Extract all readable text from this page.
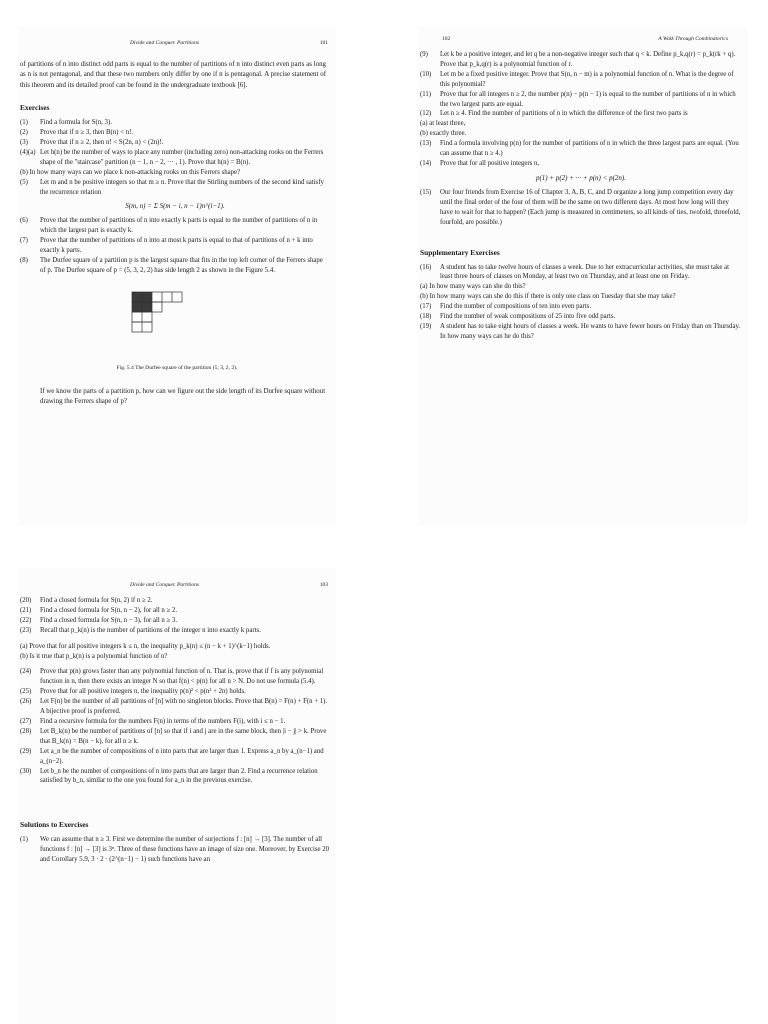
Divide and Conquer. Partitions	101
of partitions of n into distinct odd parts is equal to the number of partitions of n into distinct even parts as long as n is not pentagonal, and that these two numbers only differ by one if n is pentagonal. A precise statement of this theorem and its detailed proof can be found in the undergraduate textbook [6].
Exercises
(1) Find a formula for S(n, 3).
(2) Prove that if n ≥ 3, then B(n) < n!.
(3) Prove that if n ≥ 2, then n! < S(2n, n) < (2n)!.
(4)(a) Let h(n) be the number of ways to place any number (including zero) non-attacking rooks on the Ferrers shape of the "staircase" partition (n − 1, n − 2, ··· , 1). Prove that h(n) = B(n).
(b) In how many ways can we place k non-attacking rooks on this Ferrers shape?
(5) Let m and n be positive integers so that m ≥ n. Prove that the Stirling numbers of the second kind satisfy the recurrence relation
S(m, n) = Σ S(m − i, n − 1)n^(i−1).
(6) Prove that the number of partitions of n into exactly k parts is equal to the number of partitions of n in which the largest part is exactly k.
(7) Prove that the number of partitions of n into at most k parts is equal to that of partitions of n + k into exactly k parts.
(8) The Durfee square of a partition p is the largest square that fits in the top left corner of the Ferrers shape of p. The Durfee square of p = (5, 3, 2, 2) has side length 2 as shown in the Figure 5.4.
Fig. 5.4 The Durfee square of the partition (5, 3, 2, 2).
If we know the parts of a partition p, how can we figure out the side length of its Durfee square without drawing the Ferrers shape of p?
102	A Walk Through Combinatorics
(9) Let k be a positive integer, and let q be a non-negative integer such that q < k. Define p_k,q(r) = p_k(rk + q). Prove that p_k,q(r) is a polynomial function of r.
(10) Let m be a fixed positive integer. Prove that S(n, n − m) is a polynomial function of n. What is the degree of this polynomial?
(11) Prove that for all integers n ≥ 2, the number p(n) − p(n − 1) is equal to the number of partitions of n in which the two largest parts are equal.
(12) Let n ≥ 4. Find the number of partitions of n in which the difference of the first two parts is
(a) at least three,
(b) exactly three.
(13) Find a formula involving p(n) for the number of partitions of n in which the three largest parts are equal. (You can assume that n ≥ 4.)
(14) Prove that for all positive integers n,
p(1) + p(2) + ··· + p(n) < p(2n).
(15) Our four friends from Exercise 16 of Chapter 3, A, B, C, and D organize a long jump competition every day until the final order of the four of them will be the same on two different days. At most how long will they have to wait for that to happen? (Each jump is measured in centimeters, so all kinds of ties, twofold, threefold, fourfold, are possible.)
Supplementary Exercises
(16) A student has to take twelve hours of classes a week. Due to her extracurricular activities, she must take at least three hours of classes on Monday, at least two on Thursday, and at least one on Friday.
(a) In how many ways can she do this?
(b) In how many ways can she do this if there is only one class on Tuesday that she may take?
(17) Find the number of compositions of ten into even parts.
(18) Find the number of weak compositions of 25 into five odd parts.
(19) A student has to take eight hours of classes a week. He wants to have fewer hours on Friday than on Thursday. In how many ways can he do this?
Divide and Conquer. Partitions	103
(20) Find a closed formula for S(n, 2) if n ≥ 2.
(21) Find a closed formula for S(n, n − 2), for all n ≥ 2.
(22) Find a closed formula for S(n, n − 3), for all n ≥ 3.
(23) Recall that p_k(n) is the number of partitions of the integer n into exactly k parts.
(a) Prove that for all positive integers k ≤ n, the inequality p_k(n) ≤ (n − k + 1)^(k−1) holds.
(b) Is it true that p_k(n) is a polynomial function of n?
(24) Prove that p(n) grows faster than any polynomial function of n. That is, prove that if f is any polynomial function in n, then there exists an integer N so that f(n) < p(n) for all n > N. Do not use formula (5.4).
(25) Prove that for all positive integers n, the inequality p(n)² < p(n² + 2n) holds.
(26) Let F(n) be the number of all partitions of [n] with no singleton blocks. Prove that B(n) = F(n) + F(n + 1). A bijective proof is preferred.
(27) Find a recursive formula for the numbers F(n) in terms of the numbers F(i), with i ≤ n − 1.
(28) Let B_k(n) be the number of partitions of [n] so that if i and j are in the same block, then |i − j| > k. Prove that B_k(n) = B(n − k), for all n ≥ k.
(29) Let a_n be the number of compositions of n into parts that are larger than 1. Express a_n by a_(n−1) and a_(n−2).
(30) Let b_n be the number of compositions of n into parts that are larger than 2. Find a recurrence relation satisfied by b_n, similar to the one you found for a_n in the previous exercise.
Solutions to Exercises
(1) We can assume that n ≥ 3. First we determine the number of surjections f : [n] → [3]. The number of all functions f : [n] → [3] is 3ⁿ. Three of these functions have an image of size one. Moreover, by Exercise 20 and Corollary 5.9, 3 · 2 · (2^(n−1) − 1) such functions have an
